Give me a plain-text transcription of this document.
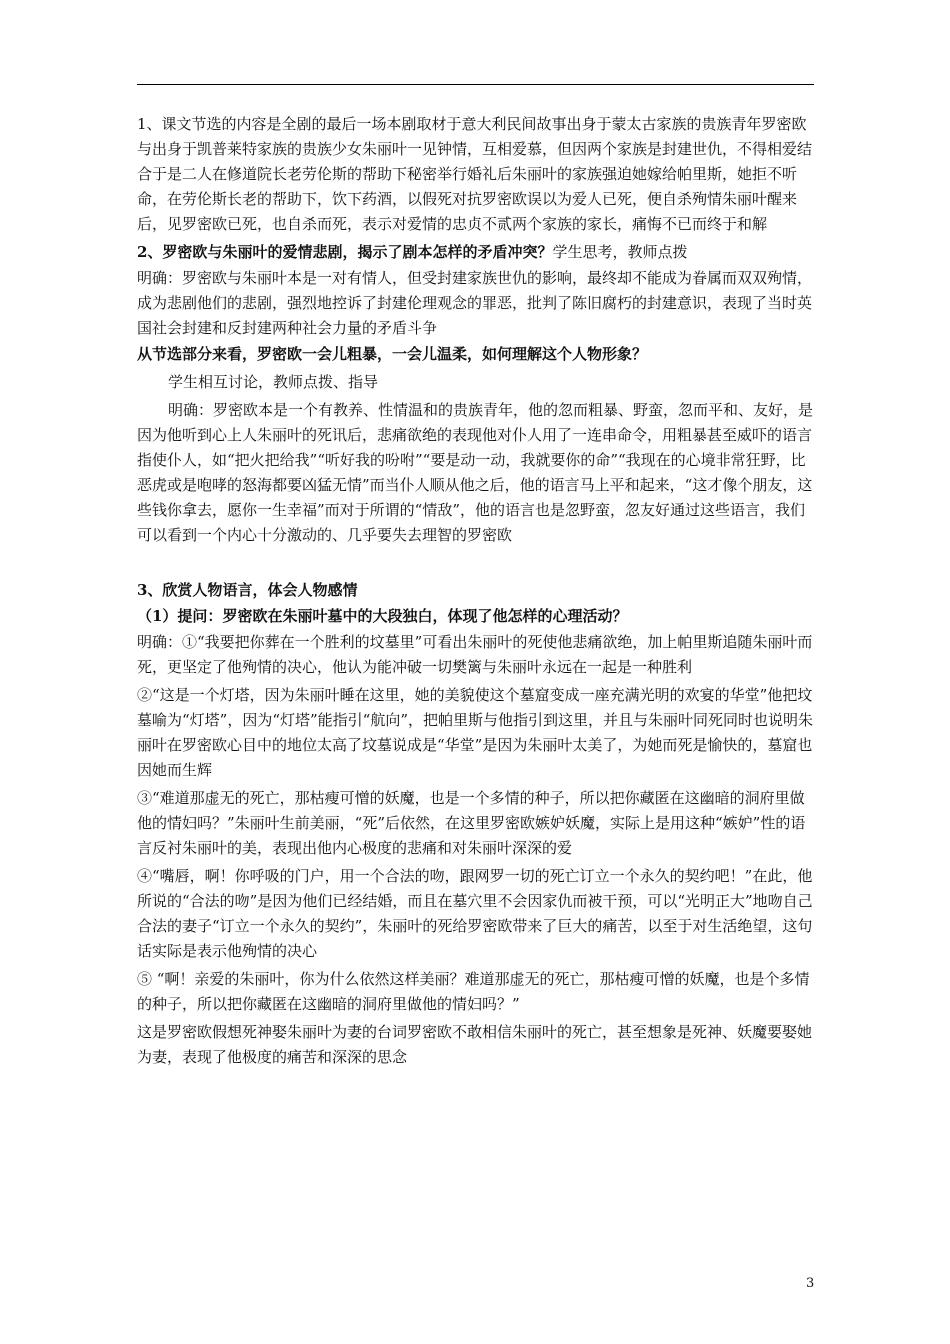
1、课文节选的内容是全剧的最后一场本剧取材于意大利民间故事出身于蒙太古家族的贵族青年罗密欧与出身于凯普莱特家族的贵族少女朱丽叶一见钟情，互相爱慕，但因两个家族是封建世仇，不得相爱结合于是二人在修道院长老劳伦斯的帮助下秘密举行婚礼后朱丽叶的家族强迫她嫁给帕里斯，她拒不听命，在劳伦斯长老的帮助下，饮下药酒，以假死对抗罗密欧误以为爱人已死，便自杀殉情朱丽叶醒来后，见罗密欧已死，也自杀而死，表示对爱情的忠贞不贰两个家族的家长，痛悔不已而终于和解

2、罗密欧与朱丽叶的爱情悲剧，揭示了剧本怎样的矛盾冲突？学生思考，教师点拨

明确：罗密欧与朱丽叶本是一对有情人，但受封建家族世仇的影响，最终却不能成为眷属而双双殉情，成为悲剧他们的悲剧，强烈地控诉了封建伦理观念的罪恶，批判了陈旧腐朽的封建意识，表现了当时英国社会封建和反封建两种社会力量的矛盾斗争

从节选部分来看，罗密欧一会儿粗暴，一会儿温柔，如何理解这个人物形象？

学生相互讨论，教师点拨、指导

明确：罗密欧本是一个有教养、性情温和的贵族青年，他的忽而粗暴、野蛮，忽而平和、友好，是因为他听到心上人朱丽叶的死讯后，悲痛欲绝的表现他对仆人用了一连串命令，用粗暴甚至威吓的语言指使仆人，如“把火把给我”“听好我的吩咐”“要是动一动，我就要你的命”“我现在的心境非常狂野，比恶虎或是咆哮的怒海都要凶猛无情”而当仆人顺从他之后，他的语言马上平和起来，“这才像个朋友，这些钱你拿去，愿你一生幸福”而对于所谓的“情敌”，他的语言也是忽野蛮，忽友好通过这些语言，我们可以看到一个内心十分激动的、几乎要失去理智的罗密欧

3、欣赏人物语言，体会人物感情

（1）提问：罗密欧在朱丽叶墓中的大段独白，体现了他怎样的心理活动？

明确：①“我要把你葬在一个胜利的坟墓里”可看出朱丽叶的死使他悲痛欲绝，加上帕里斯追随朱丽叶而死，更坚定了他殉情的决心，他认为能冲破一切樊篱与朱丽叶永远在一起是一种胜利

②“这是一个灯塔，因为朱丽叶睡在这里，她的美貌使这个墓窟变成一座充满光明的欢宴的华堂”他把坟墓喻为“灯塔”，因为“灯塔”能指引“航向”，把帕里斯与他指引到这里，并且与朱丽叶同死同时也说明朱丽叶在罗密欧心目中的地位太高了坟墓说成是“华堂”是因为朱丽叶太美了，为她而死是愉快的，墓窟也因她而生辉

③“难道那虚无的死亡，那枯瘦可憎的妖魔，也是一个多情的种子，所以把你藏匿在这幽暗的洞府里做他的情妇吗？”朱丽叶生前美丽，“死”后依然，在这里罗密欧嫉妒妖魔，实际上是用这种“嫉妒”性的语言反衬朱丽叶的美，表现出他内心极度的悲痛和对朱丽叶深深的爱

④“嘴唇，啊！你呼吸的门户，用一个合法的吻，跟网罗一切的死亡订立一个永久的契约吧！”在此，他所说的“合法的吻”是因为他们已经结婚，而且在墓穴里不会因家仇而被干预，可以“光明正大”地吻自己合法的妻子“订立一个永久的契约”，朱丽叶的死给罗密欧带来了巨大的痛苦，以至于对生活绝望，这句话实际是表示他殉情的决心

⑤ “啊！亲爱的朱丽叶，你为什么依然这样美丽？难道那虚无的死亡，那枯瘦可憎的妖魔，也是个多情的种子，所以把你藏匿在这幽暗的洞府里做他的情妇吗？”

这是罗密欧假想死神娶朱丽叶为妻的台词罗密欧不敢相信朱丽叶的死亡，甚至想象是死神、妖魔要娶她为妻，表现了他极度的痛苦和深深的思念

3
